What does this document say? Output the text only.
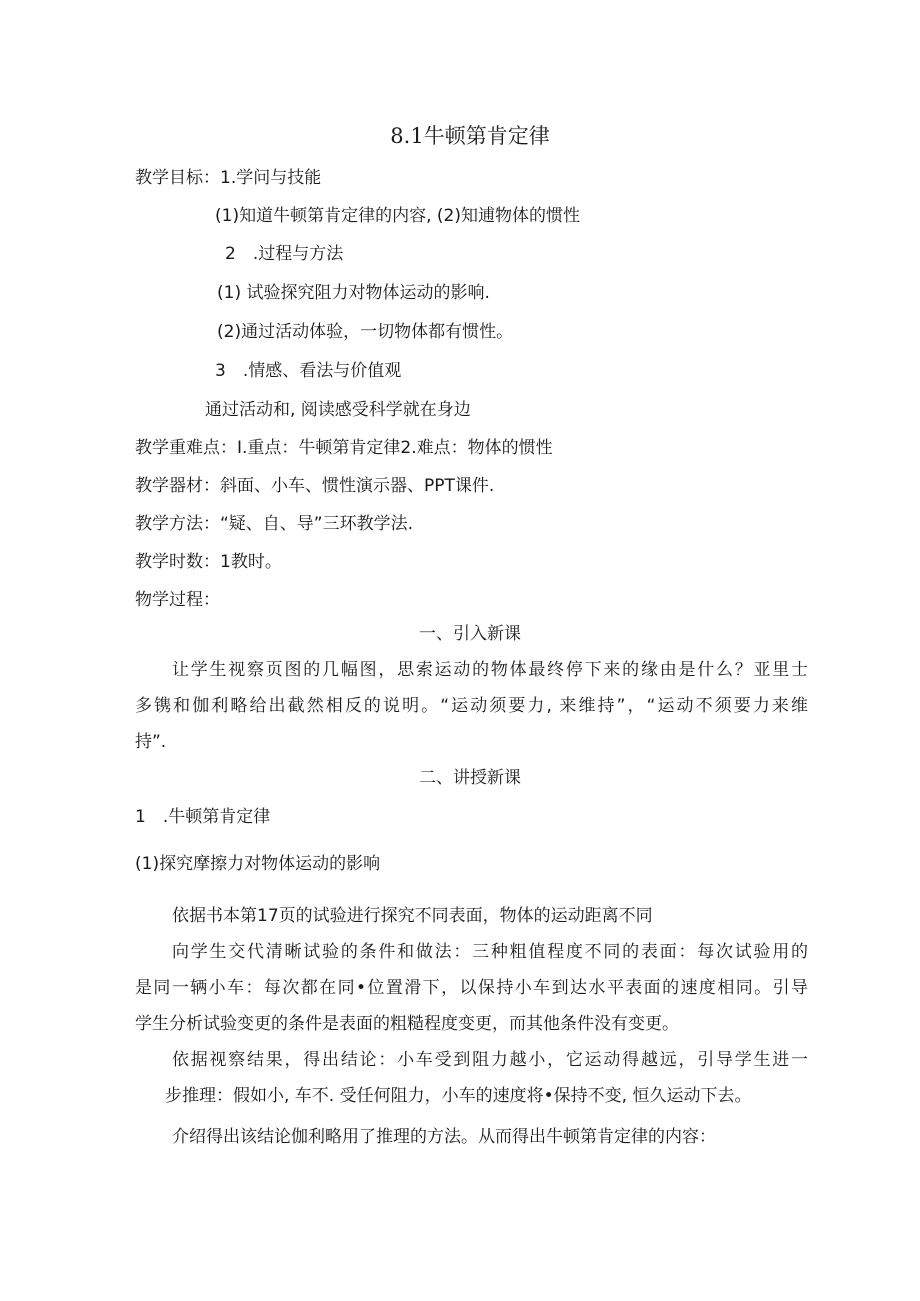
8.1牛顿第肯定律
教学目标：1.学问与技能
(1)知道牛顿第肯定律的内容, (2)知逋物体的惯性
2　.过程与方法
(1) 试验探究阻力对物体运动的影响.
(2)通过活动体验，一切物体都有惯性。
3　.情感、看法与价值观
通过活动和, 阅读感受科学就在身边
教学重难点：I.重点：牛顿第肯定律2.难点：物体的惯性
教学器材：斜面、小车、惯性演示器、PPT课件.
教学方法：“疑、自、导”三环教学法.
教学时数：1教时。
物学过程：
一、引入新课
让学生视察页图的几幅图，思索运动的物体最终停下来的缘由是什么？亚里士
多镌和伽利略给出截然相反的说明。“运动须要力, 来维持”，“运动不须要力来维
持”.
二、讲授新课
1　.牛顿第肯定律
(1)探究摩擦力对物体运动的影响
依据书本第17页的试验进行探究不同表面，物体的运动距离不同
向学生交代清晰试验的条件和做法：三种粗值程度不同的表面：每次试验用的
是同一辆小车：每次都在同•位置滑下，以保持小车到达水平表面的速度相同。引导
学生分析试验变更的条件是表面的粗糙程度变更，而其他条件没有变更。
依据视察结果，得出结论：小车受到阻力越小，它运动得越远，引导学生进一
步推理：假如小, 车不. 受任何阻力，小车的速度将•保持不变, 恒久运动下去。
介绍得出该结论伽利略用了推理的方法。从而得出牛顿第肯定律的内容：
